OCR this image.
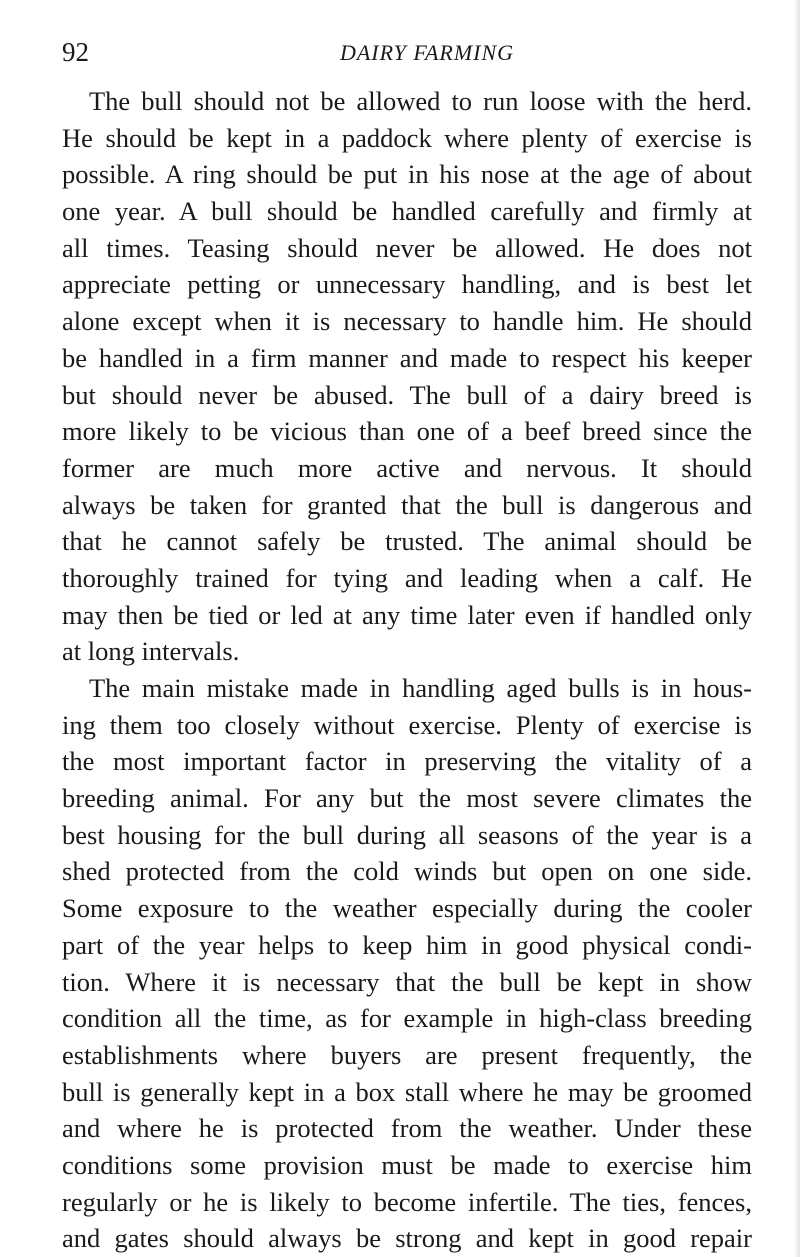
92	DAIRY FARMING
The bull should not be allowed to run loose with the herd.
He should be kept in a paddock where plenty of exercise is
possible. A ring should be put in his nose at the age of about
one year. A bull should be handled carefully and firmly at
all times. Teasing should never be allowed. He does not
appreciate petting or unnecessary handling, and is best let
alone except when it is necessary to handle him. He should
be handled in a firm manner and made to respect his keeper
but should never be abused. The bull of a dairy breed is
more likely to be vicious than one of a beef breed since the
former are much more active and nervous. It should
always be taken for granted that the bull is dangerous and
that he cannot safely be trusted. The animal should be
thoroughly trained for tying and leading when a calf. He
may then be tied or led at any time later even if handled only
at long intervals.
The main mistake made in handling aged bulls is in hous-
ing them too closely without exercise. Plenty of exercise is
the most important factor in preserving the vitality of a
breeding animal. For any but the most severe climates the
best housing for the bull during all seasons of the year is a
shed protected from the cold winds but open on one side.
Some exposure to the weather especially during the cooler
part of the year helps to keep him in good physical condi-
tion. Where it is necessary that the bull be kept in show
condition all the time, as for example in high-class breeding
establishments where buyers are present frequently, the
bull is generally kept in a box stall where he may be groomed
and where he is protected from the weather. Under these
conditions some provision must be made to exercise him
regularly or he is likely to become infertile. The ties, fences,
and gates should always be strong and kept in good repair
